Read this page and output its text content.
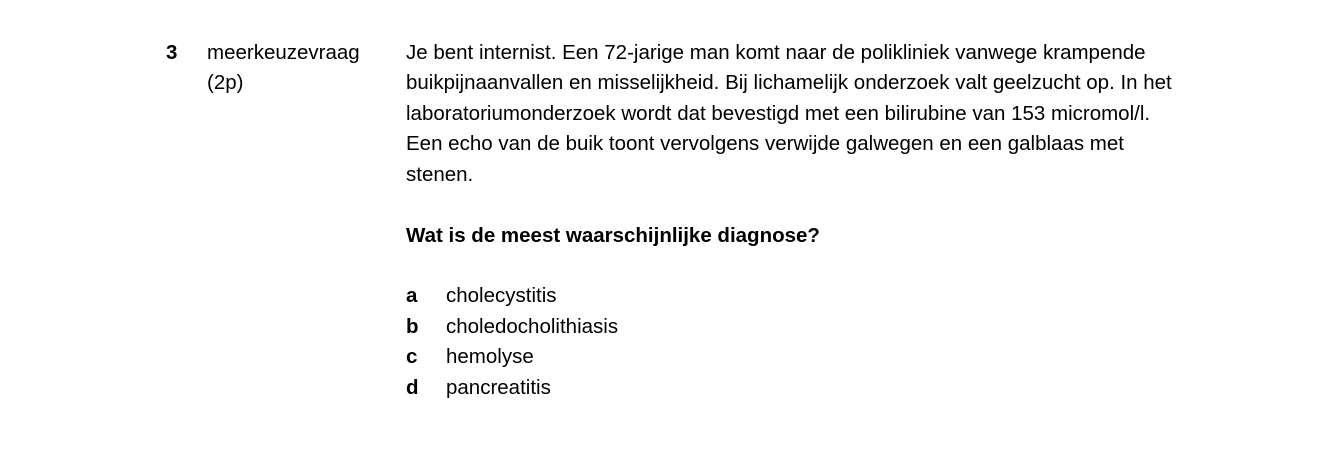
3 meerkeuzevraag
(2p)
Je bent internist. Een 72-jarige man komt naar de polikliniek vanwege krampende
buikpijnaanvallen en misselijkheid. Bij lichamelijk onderzoek valt geelzucht op. In het
laboratoriumonderzoek wordt dat bevestigd met een bilirubine van 153 micromol/l.
Een echo van de buik toont vervolgens verwijde galwegen en een galblaas met
stenen.
Wat is de meest waarschijnlijke diagnose?
a	cholecystitis
b	choledocholithiasis
c	hemolyse
d	pancreatitis
